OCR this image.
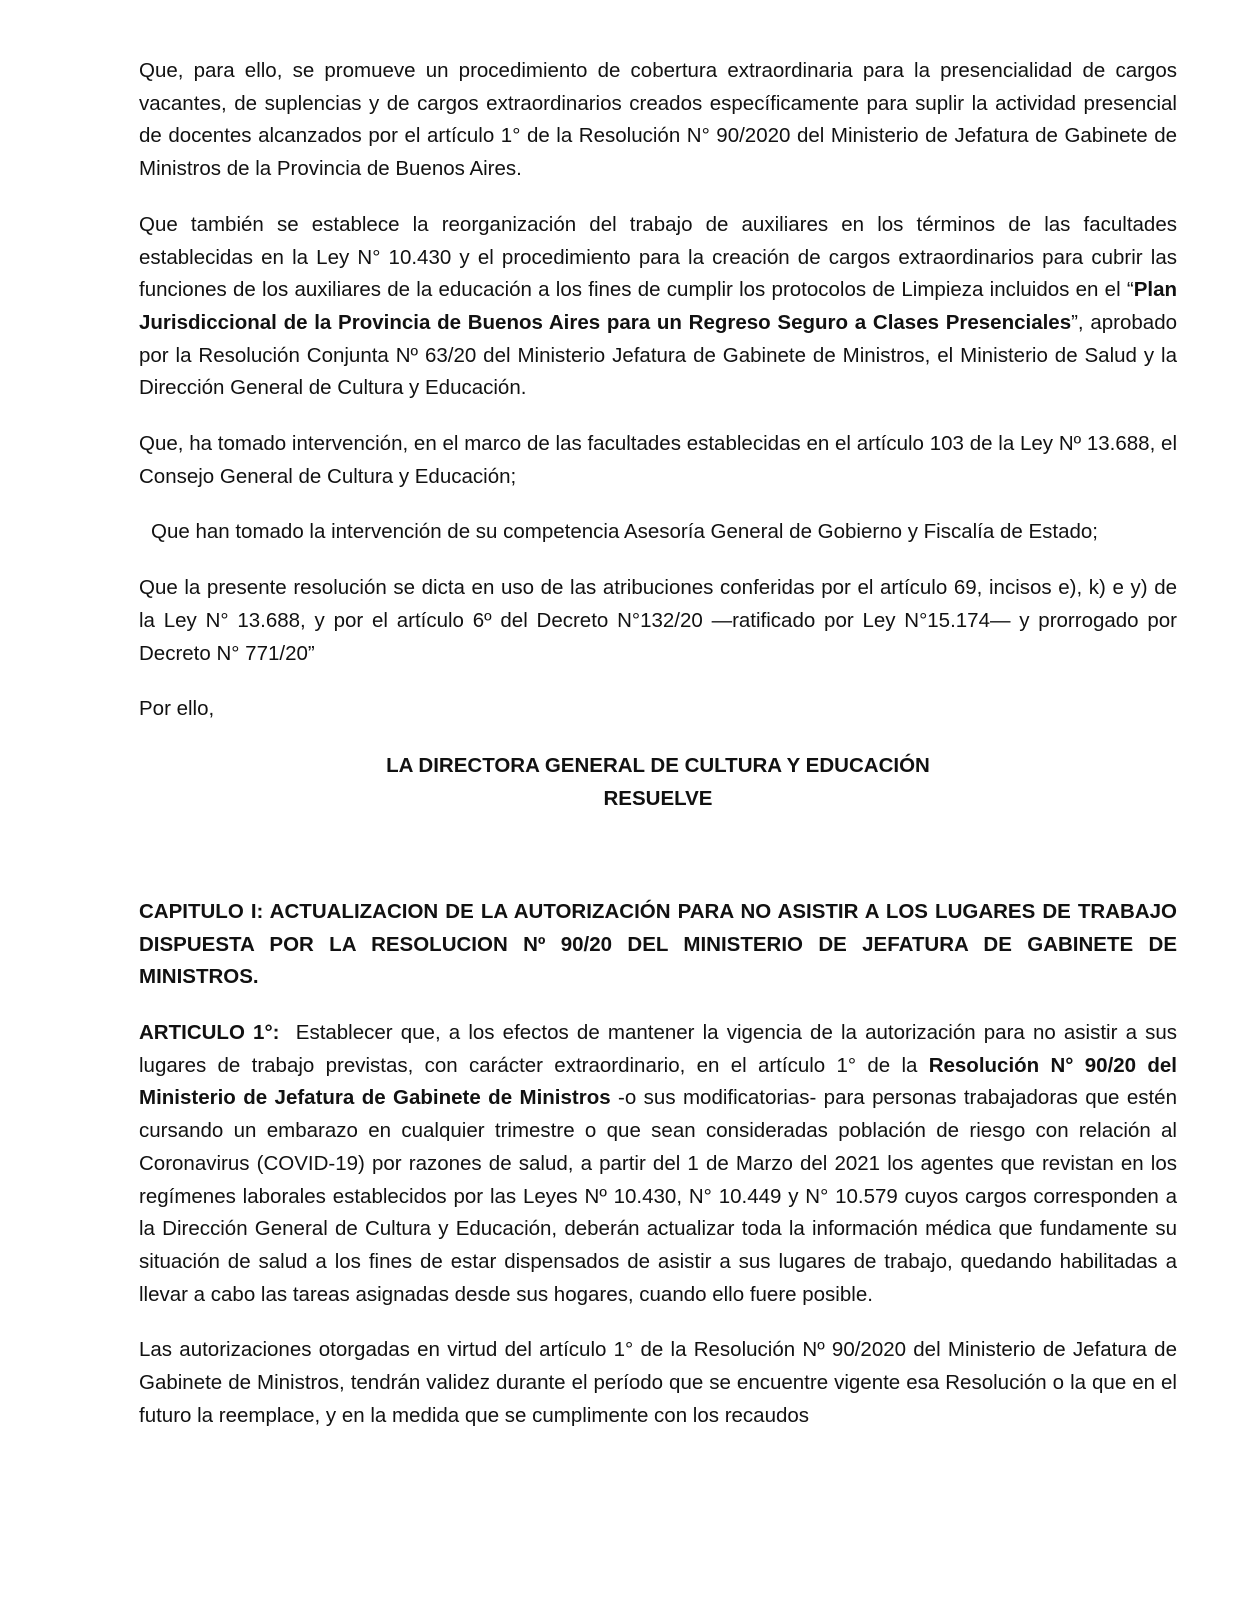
Que, para ello, se promueve un procedimiento de cobertura extraordinaria para la presencialidad de cargos vacantes, de suplencias y de cargos extraordinarios creados específicamente para suplir la actividad presencial de docentes alcanzados por el artículo 1° de la Resolución N° 90/2020 del Ministerio de Jefatura de Gabinete de Ministros de la Provincia de Buenos Aires.

Que también se establece la reorganización del trabajo de auxiliares en los términos de las facultades establecidas en la Ley N° 10.430 y el procedimiento para la creación de cargos extraordinarios para cubrir las funciones de los auxiliares de la educación a los fines de cumplir los protocolos de Limpieza incluidos en el “Plan Jurisdiccional de la Provincia de Buenos Aires para un Regreso Seguro a Clases Presenciales”, aprobado por la Resolución Conjunta Nº 63/20 del Ministerio Jefatura de Gabinete de Ministros, el Ministerio de Salud y la Dirección General de Cultura y Educación.

Que, ha tomado intervención, en el marco de las facultades establecidas en el artículo 103 de la Ley Nº 13.688, el Consejo General de Cultura y Educación;

Que han tomado la intervención de su competencia Asesoría General de Gobierno y Fiscalía de Estado;

Que la presente resolución se dicta en uso de las atribuciones conferidas por el artículo 69, incisos e), k) e y) de la Ley N° 13.688, y por el artículo 6º del Decreto N°132/20 —ratificado por Ley N°15.174— y prorrogado por Decreto N° 771/20”

Por ello,

LA DIRECTORA GENERAL DE CULTURA Y EDUCACIÓN
RESUELVE

CAPITULO I: ACTUALIZACION DE LA AUTORIZACIÓN PARA NO ASISTIR A LOS LUGARES DE TRABAJO DISPUESTA POR LA RESOLUCION Nº 90/20 DEL MINISTERIO DE JEFATURA DE GABINETE DE MINISTROS.

ARTICULO 1°:  Establecer que, a los efectos de mantener la vigencia de la autorización para no asistir a sus lugares de trabajo previstas, con carácter extraordinario, en el artículo 1° de la Resolución N° 90/20 del Ministerio de Jefatura de Gabinete de Ministros -o sus modificatorias- para personas trabajadoras que estén cursando un embarazo en cualquier trimestre o que sean consideradas población de riesgo con relación al Coronavirus (COVID-19) por razones de salud, a partir del 1 de Marzo del 2021 los agentes que revistan en los regímenes laborales establecidos por las Leyes Nº 10.430, N° 10.449 y N° 10.579 cuyos cargos corresponden a la Dirección General de Cultura y Educación, deberán actualizar toda la información médica que fundamente su situación de salud a los fines de estar dispensados de asistir a sus lugares de trabajo, quedando habilitadas a llevar a cabo las tareas asignadas desde sus hogares, cuando ello fuere posible.

Las autorizaciones otorgadas en virtud del artículo 1° de la Resolución Nº 90/2020 del Ministerio de Jefatura de Gabinete de Ministros, tendrán validez durante el período que se encuentre vigente esa Resolución o la que en el futuro la reemplace, y en la medida que se cumplimente con los recaudos
